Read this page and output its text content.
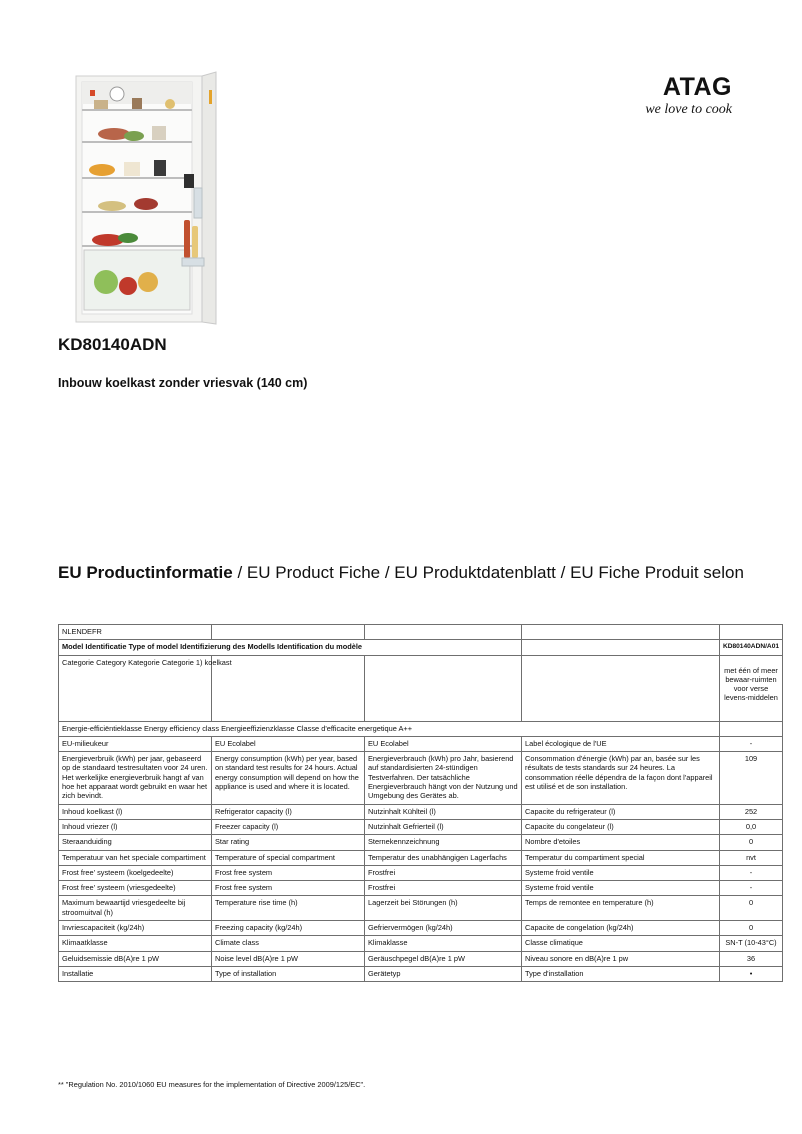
ATAG
we love to cook
KD80140ADN
Inbouw koelkast zonder vriesvak (140 cm)
EU Productinformatie / EU Product Fiche / EU Produktdatenblatt / EU Fiche Produit selon
NLENDEFR				
Model Identificatie Type of model Identifizierung des Modells Identification du modèle				KD80140ADN/A01
Categorie Category Kategorie Categorie 1) koelkast				met één of meer bewaar-ruimten voor verse levens-middelen
Energie-efficiëntieklasse Energy efficiency class Energieeffizienzklasse Classe d'efficacite energetique A++				
EU-milieukeur	EU Ecolabel	EU Ecolabel	Label écologique de l'UE	-
Energieverbruik (kWh) per jaar, gebaseerd op de standaard testresultaten voor 24 uren. Het werkelijke energieverbruik hangt af van hoe het apparaat wordt gebruikt en waar het zich bevindt.	Energy consumption (kWh) per year, based on standard test results for 24 hours. Actual energy consumption will depend on how the appliance is used and where it is located.	Energieverbrauch (kWh) pro Jahr, basierend auf standardisierten 24-stündigen Testverfahren. Der tatsächliche Energieverbrauch hängt von der Nutzung und Umgebung des Gerätes ab.	Consommation d'énergie (kWh) par an, basée sur les résultats de tests standards sur 24 heures. La consommation réelle dépendra de la façon dont l'appareil est utilisé et de son installation.	109
Inhoud koelkast (l)	Refrigerator capacity (l)	Nutzinhalt Kühlteil (l)	Capacite du refrigerateur (l)	252
Inhoud vriezer (l)	Freezer capacity (l)	Nutzinhalt Gefrierteil (l)	Capacite du congelateur (l)	0,0
Steraanduiding	Star rating	Sternekennzeichnung	Nombre d'etoiles	0
Temperatuur van het speciale compartiment	Temperature of special compartment	Temperatur des unabhängigen Lagerfachs	Temperatur du compartiment special	nvt
Frost free' systeem (koelgedeelte)	Frost free system	Frostfrei	Systeme froid ventile	-
Frost free' systeem (vriesgedeelte)	Frost free system	Frostfrei	Systeme froid ventile	-
Maximum bewaartijd vriesgedeelte bij stroomuitval (h)	Temperature rise time (h)	Lagerzeit bei Störungen (h)	Temps de remontee en temperature (h)	0
Invriescapaciteit (kg/24h)	Freezing capacity (kg/24h)	Gefriervermögen (kg/24h)	Capacite de congelation (kg/24h)	0
Klimaatklasse	Climate class	Klimaklasse	Classe climatique	SN-T (10-43°C)
Geluidsemissie dB(A)re 1 pW	Noise level dB(A)re 1 pW	Geräuschpegel dB(A)re 1 pW	Niveau sonore en dB(A)re 1 pw	36
Installatie	Type of installation	Gerätetyp	Type d'installation	•
** "Regulation No. 2010/1060 EU measures for the implementation of Directive 2009/125/EC".
